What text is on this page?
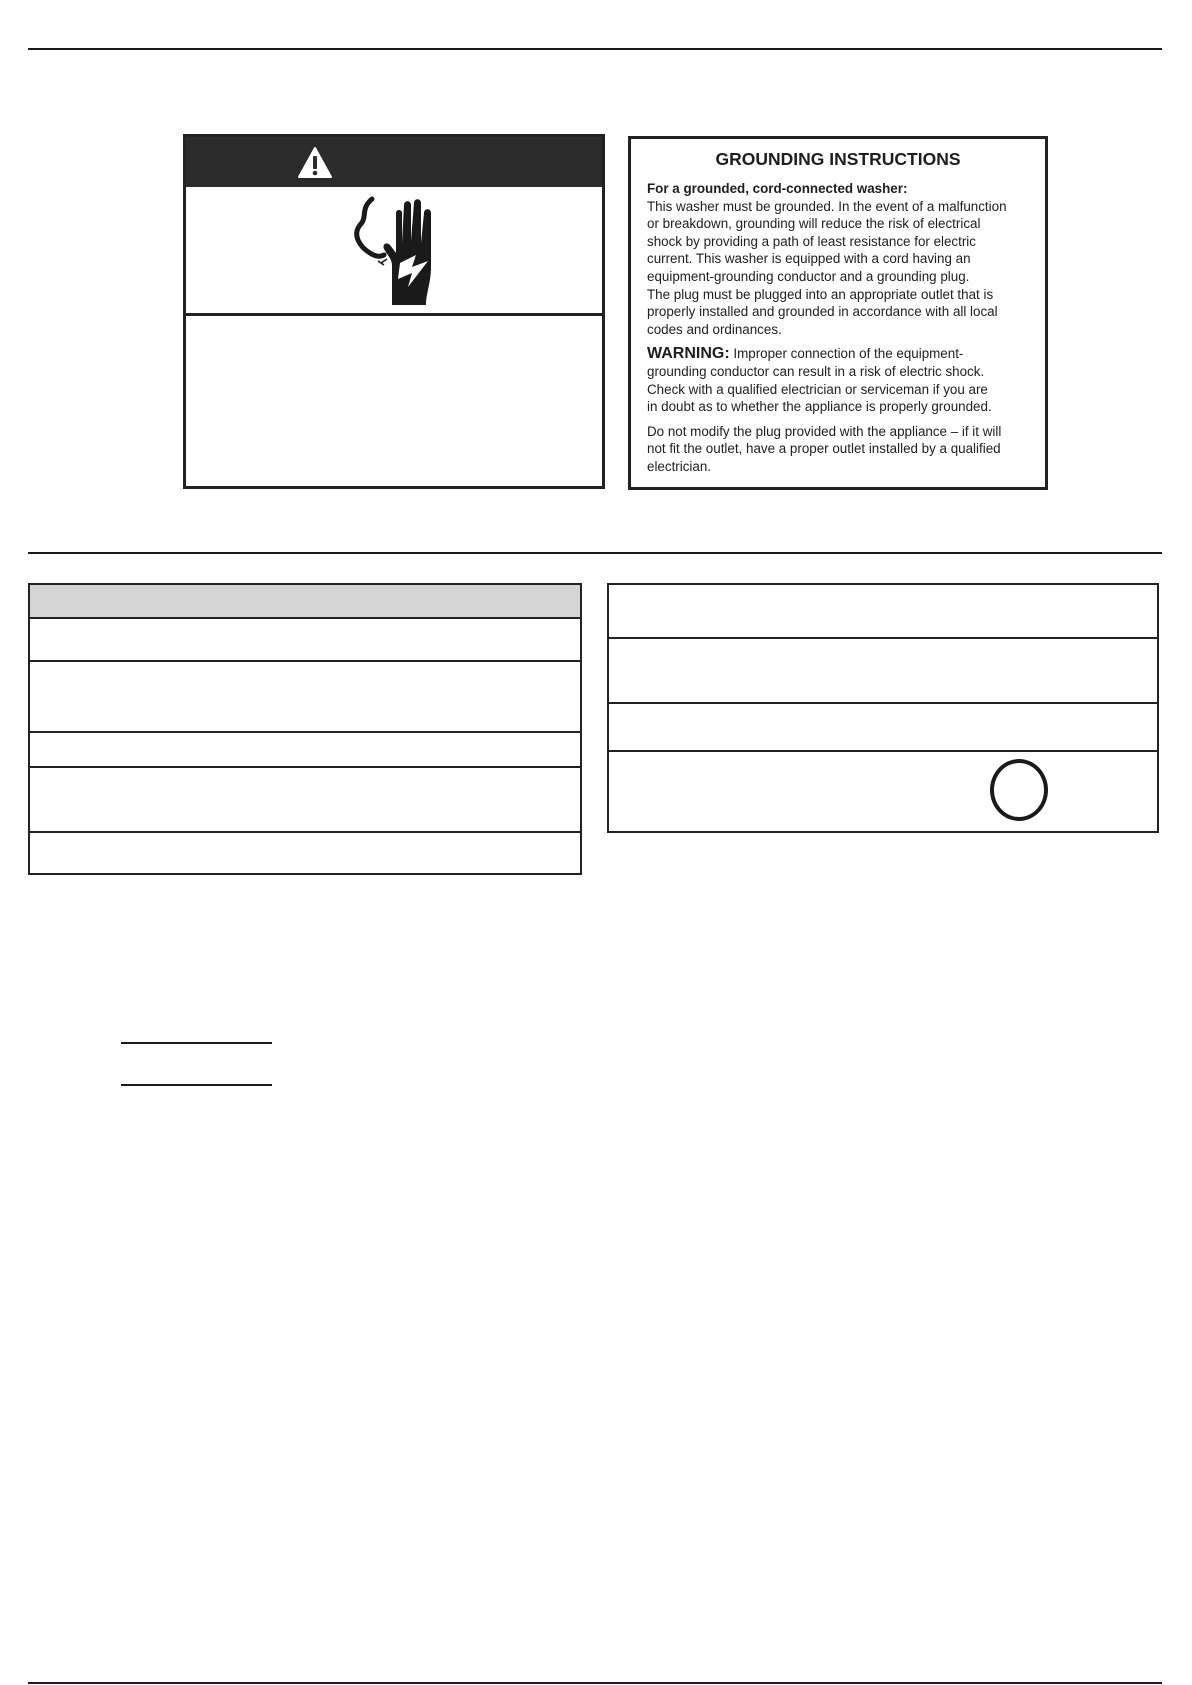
GROUNDING INSTRUCTIONS
For a grounded, cord-connected washer:
This washer must be grounded. In the event of a malfunction
or breakdown, grounding will reduce the risk of electrical
shock by providing a path of least resistance for electric
current. This washer is equipped with a cord having an
equipment-grounding conductor and a grounding plug.
The plug must be plugged into an appropriate outlet that is
properly installed and grounded in accordance with all local
codes and ordinances.
WARNING: Improper connection of the equipment-
grounding conductor can result in a risk of electric shock.
Check with a qualified electrician or serviceman if you are
in doubt as to whether the appliance is properly grounded.
Do not modify the plug provided with the appliance – if it will
not fit the outlet, have a proper outlet installed by a qualified
electrician.
